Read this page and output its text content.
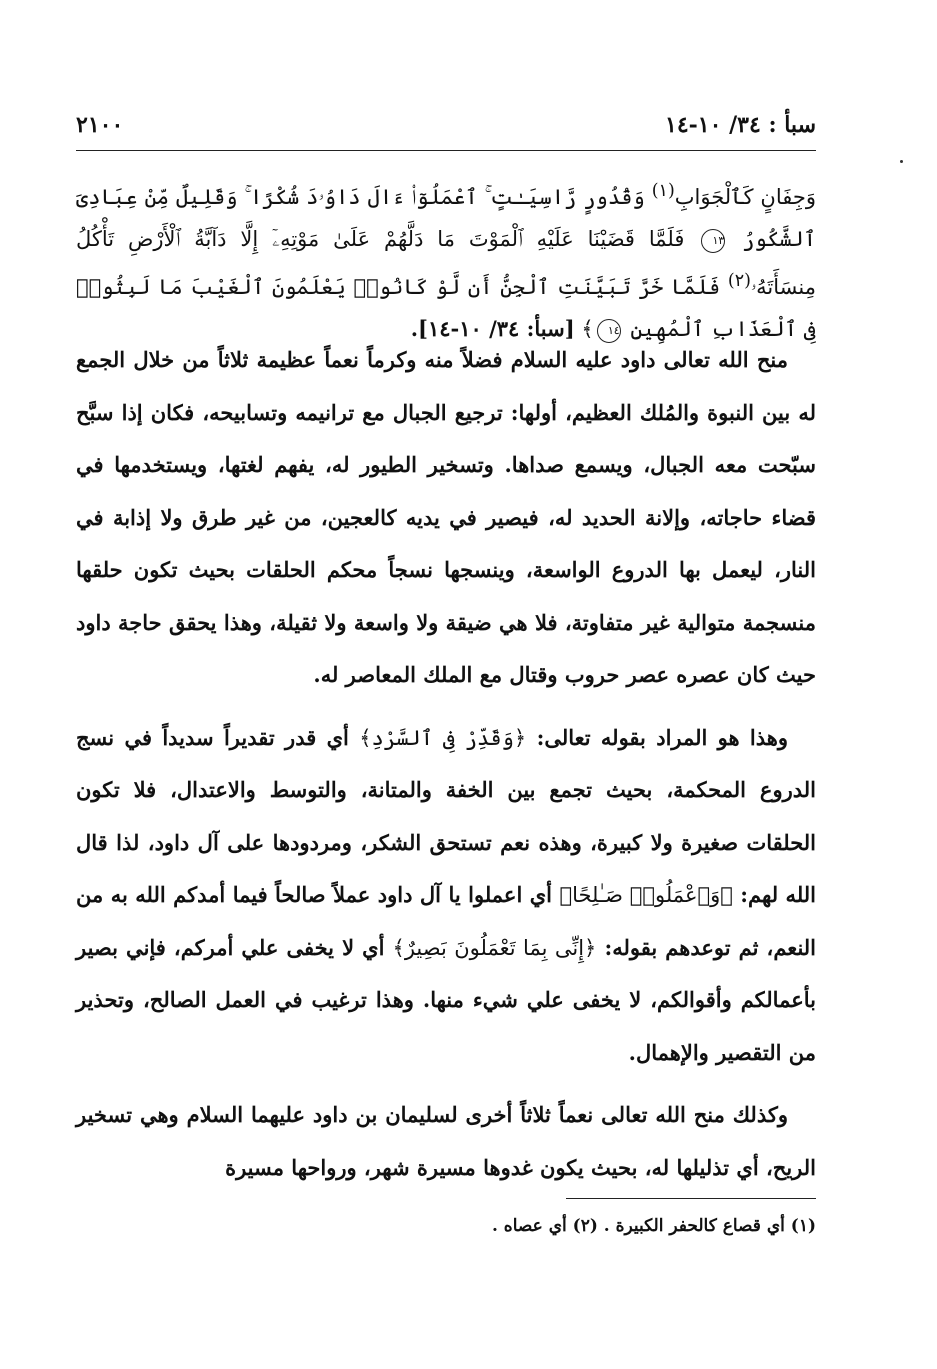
سبأ : ٣٤/ ١٠-١٤
٢١٠٠
وَجِفَانٍ كَٱلْجَوَابِ$^{(١)}$ وَقُدُورٍ رَّاسِيَـٰتٍ ۚ ٱعْمَلُوٓا۟ ءَالَ دَاوُۥدَ شُكْرًا ۚ وَقَلِيلٌ مِّنْ عِبَادِىَ ٱلشَّكُورُ ١٣ فَلَمَّا قَضَيْنَا عَلَيْهِ ٱلْمَوْتَ مَا دَلَّهُمْ عَلَىٰ مَوْتِهِۦٓ إِلَّا دَآبَّةُ ٱلْأَرْضِ تَأْكُلُ مِنسَأَتَهُۥ$^{(٢)}$ فَلَمَّا خَرَّ تَبَيَّنَتِ ٱلْجِنُّ أَن لَّوْ كَانُوا۟ يَعْلَمُونَ ٱلْغَيْبَ مَا لَبِثُوا۟ فِى ٱلْعَذَابِ ٱلْمُهِينِ ١٤﴾ [سبأ: ٣٤/ ١٠-١٤].

منح الله تعالى داود عليه السلام فضلاً منه وكرماً نعماً عظيمة ثلاثاً من خلال الجمع له بين النبوة والمُلك العظيم، أولها: ترجيع الجبال مع ترانيمه وتسابيحه، فكان إذا سبَّح سبّحت معه الجبال، ويسمع صداها. وتسخير الطيور له، يفهم لغتها، ويستخدمها في قضاء حاجاته، وإلانة الحديد له، فيصير في يديه كالعجين، من غير طرق ولا إذابة في النار، ليعمل بها الدروع الواسعة، وينسجها نسجاً محكم الحلقات بحيث تكون حلقها منسجمة متوالية غير متفاوتة، فلا هي ضيقة ولا واسعة ولا ثقيلة، وهذا يحقق حاجة داود حيث كان عصره عصر حروب وقتال مع الملك المعاصر له.

وهذا هو المراد بقوله تعالى: ﴿وَقَدِّرْ فِى ٱلسَّرْدِ﴾ أي قدر تقديراً سديداً في نسج الدروع المحكمة، بحيث تجمع بين الخفة والمتانة، والتوسط والاعتدال، فلا تكون الحلقات صغيرة ولا كبيرة، وهذه نعم تستحق الشكر، ومردودها على آل داود، لذا قال الله لهم: ﴿وَٱعْمَلُوا۟ صَـٰلِحًا﴾ أي اعملوا يا آل داود عملاً صالحاً فيما أمدكم الله به من النعم، ثم توعدهم بقوله: ﴿إِنِّى بِمَا تَعْمَلُونَ بَصِيرٌ﴾ أي لا يخفى علي أمركم، فإني بصير بأعمالكم وأقوالكم، لا يخفى علي شيء منها. وهذا ترغيب في العمل الصالح، وتحذير من التقصير والإهمال.

وكذلك منح الله تعالى نعماً ثلاثاً أخرى لسليمان بن داود عليهما السلام وهي تسخير الريح، أي تذليلها له، بحيث يكون غدوها مسيرة شهر، ورواحها مسيرة

(١) أي قصاع كالحفر الكبيرة . (٢) أي عصاه .
